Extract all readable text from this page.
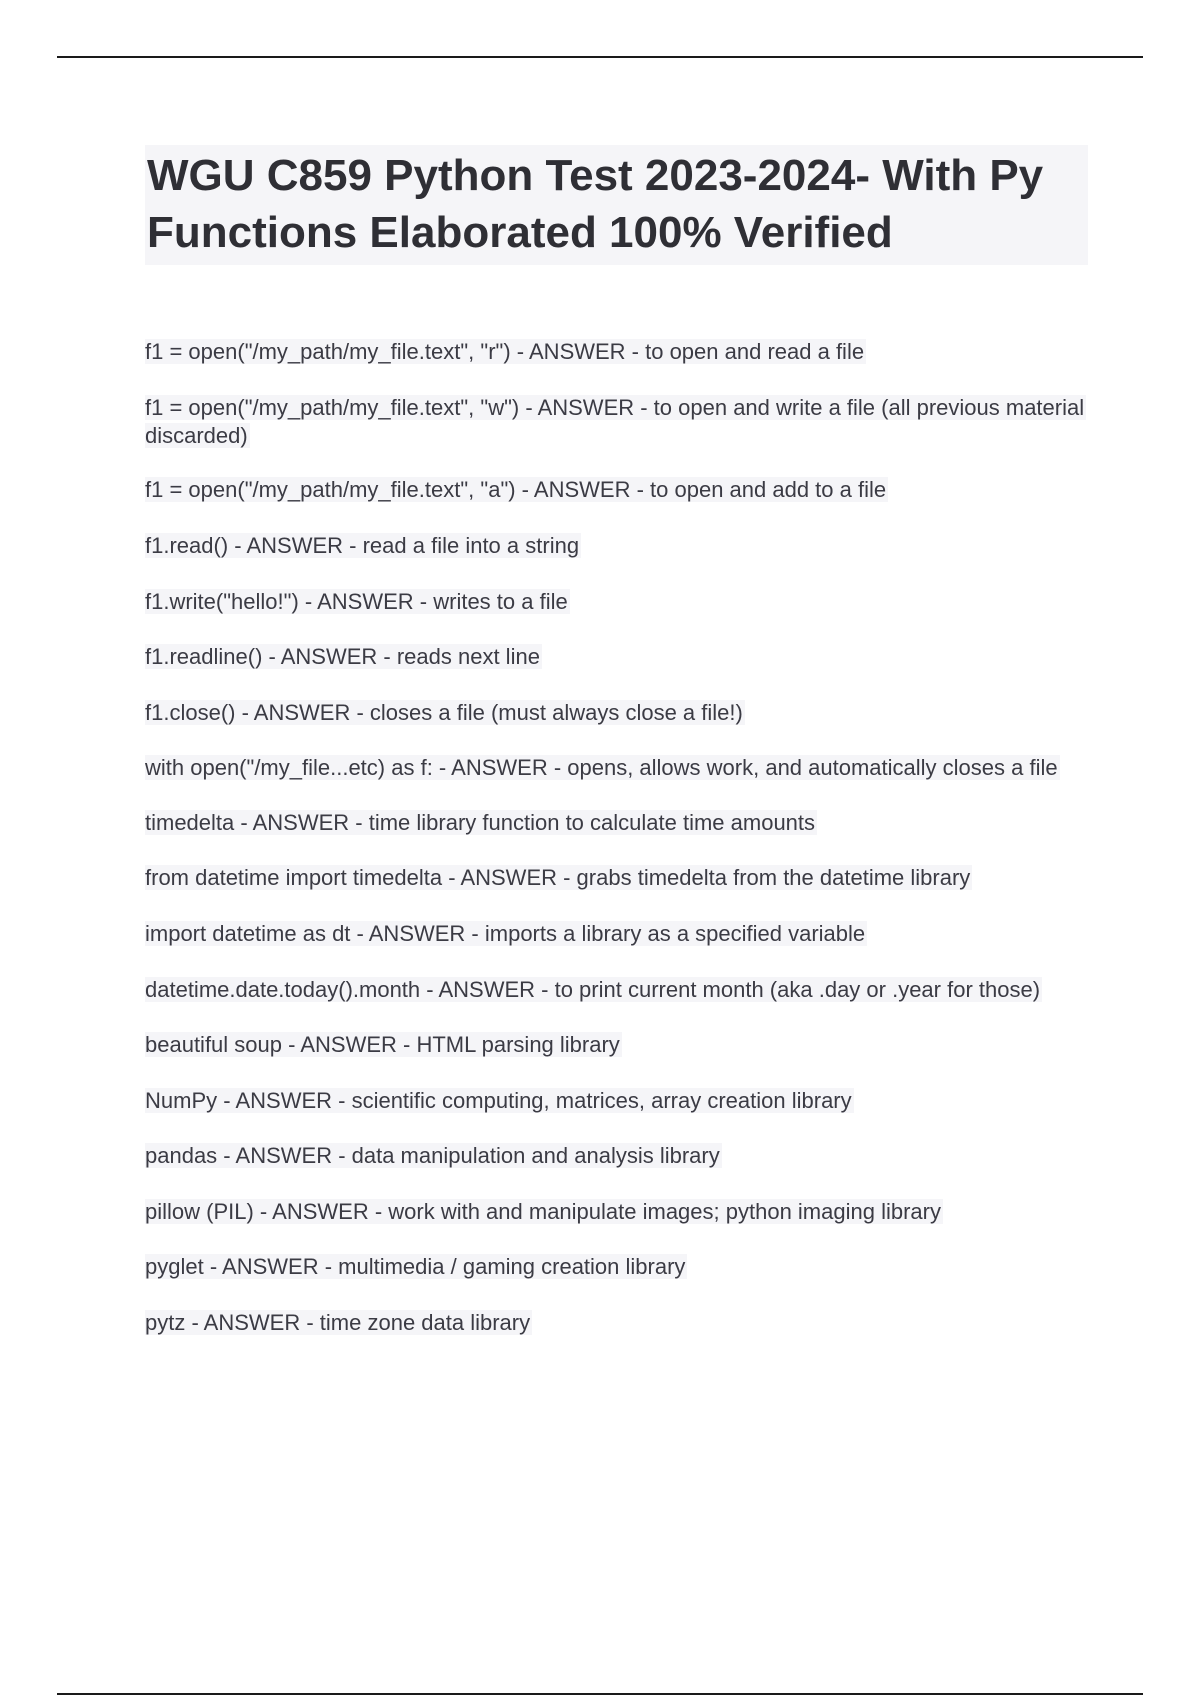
WGU C859 Python Test 2023-2024- With Py Functions Elaborated 100% Verified
f1 = open("/my_path/my_file.text", "r") - ANSWER - to open and read a file
f1 = open("/my_path/my_file.text", "w") - ANSWER - to open and write a file (all previous material discarded)
f1 = open("/my_path/my_file.text", "a") - ANSWER - to open and add to a file
f1.read() - ANSWER - read a file into a string
f1.write("hello!") - ANSWER - writes to a file
f1.readline() - ANSWER - reads next line
f1.close() - ANSWER - closes a file (must always close a file!)
with open("/my_file...etc) as f: - ANSWER - opens, allows work, and automatically closes a file
timedelta - ANSWER - time library function to calculate time amounts
from datetime import timedelta - ANSWER - grabs timedelta from the datetime library
import datetime as dt - ANSWER - imports a library as a specified variable
datetime.date.today().month - ANSWER - to print current month (aka .day or .year for those)
beautiful soup - ANSWER - HTML parsing library
NumPy - ANSWER - scientific computing, matrices, array creation library
pandas - ANSWER - data manipulation and analysis library
pillow (PIL) - ANSWER - work with and manipulate images; python imaging library
pyglet - ANSWER - multimedia / gaming creation library
pytz - ANSWER - time zone data library
